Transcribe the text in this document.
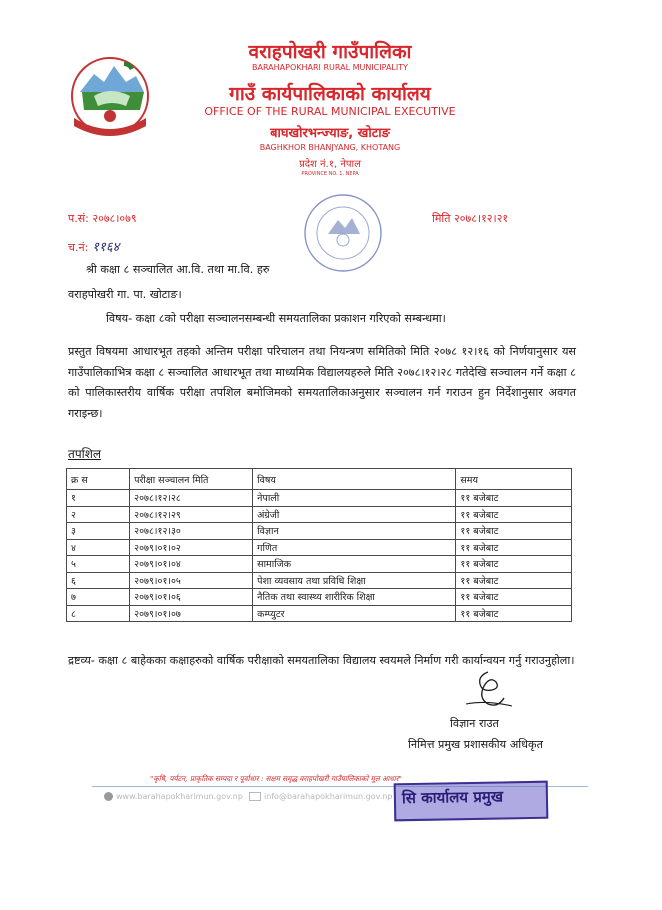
वराहपोखरी गाउँपालिका
BARAHAPOKHARI RURAL MUNICIPALITY
गाउँ कार्यपालिकाको कार्यालय
OFFICE OF THE RURAL MUNICIPAL EXECUTIVE
बाघखोरभन्ज्याङ, खोटाङ
BAGHKHOR BHANJYANG, KHOTANG
प्रदेश नं.१, नेपाल
PROVINCE NO. 1, NEPA
प.सं: २०७८।०७९	मिति २०७८।१२।२१
च.नं: ११६४
श्री कक्षा ८ सञ्चालित आ.वि. तथा मा.वि. हरु
वराहपोखरी गा. पा. खोटाङ।
विषय- कक्षा ८को परीक्षा सञ्चालनसम्बन्धी समयतालिका प्रकाशन गरिएको सम्बन्धमा।
प्रस्तुत विषयमा आधारभूत तहको अन्तिम परीक्षा परिचालन तथा नियन्त्रण समितिको मिति २०७८ १२।१६ को निर्णयानुसार यस गाउँपालिकाभित्र कक्षा ८ सञ्चालित आधारभूत तथा माध्यमिक विद्यालयहरुले मिति २०७८।१२।२८ गतेदेखि सञ्चालन गर्ने कक्षा ८ को पालिकास्तरीय वार्षिक परीक्षा तपशिल बमोजिमको समयतालिकाअनुसार सञ्चालन गर्न गराउन हुन निर्देशानुसार अवगत गराइन्छ।
तपशिल
क्र स	परीक्षा सञ्चालन मिति	विषय	समय
१	२०७८।१२।२८	नेपाली	११ बजेबाट
२	२०७८।१२।२९	अंग्रेजी	११ बजेबाट
३	२०७८।१२।३०	विज्ञान	११ बजेबाट
४	२०७९।०१।०२	गणित	११ बजेबाट
५	२०७९।०१।०४	सामाजिक	११ बजेबाट
६	२०७९।०१।०५	पेशा व्यवसाय तथा प्रविधि शिक्षा	११ बजेबाट
७	२०७९।०१।०६	नैतिक तथा स्वास्थ्य शारीरिक शिक्षा	११ बजेबाट
८	२०७९।०१।०७	कम्प्युटर	११ बजेबाट
द्रष्टव्य- कक्षा ८ बाहेकका कक्षाहरुको वार्षिक परीक्षाको समयतालिका विद्यालय स्वयमले निर्माण गरी कार्यान्वयन गर्नु गराउनुहोला।
विज्ञान राउत
निमित्त प्रमुख प्रशासकीय अधिकृत
"कृषि, पर्यटन, प्राकृतिक सम्पदा र पूर्वाधार : सक्षम समृद्ध वराहपोखरी गाउँपालिकाको मूल आधार"
www.barahapokharimun.gov.np	info@barahapokharimun.gov.np सि कार्यालय प्रमुख
